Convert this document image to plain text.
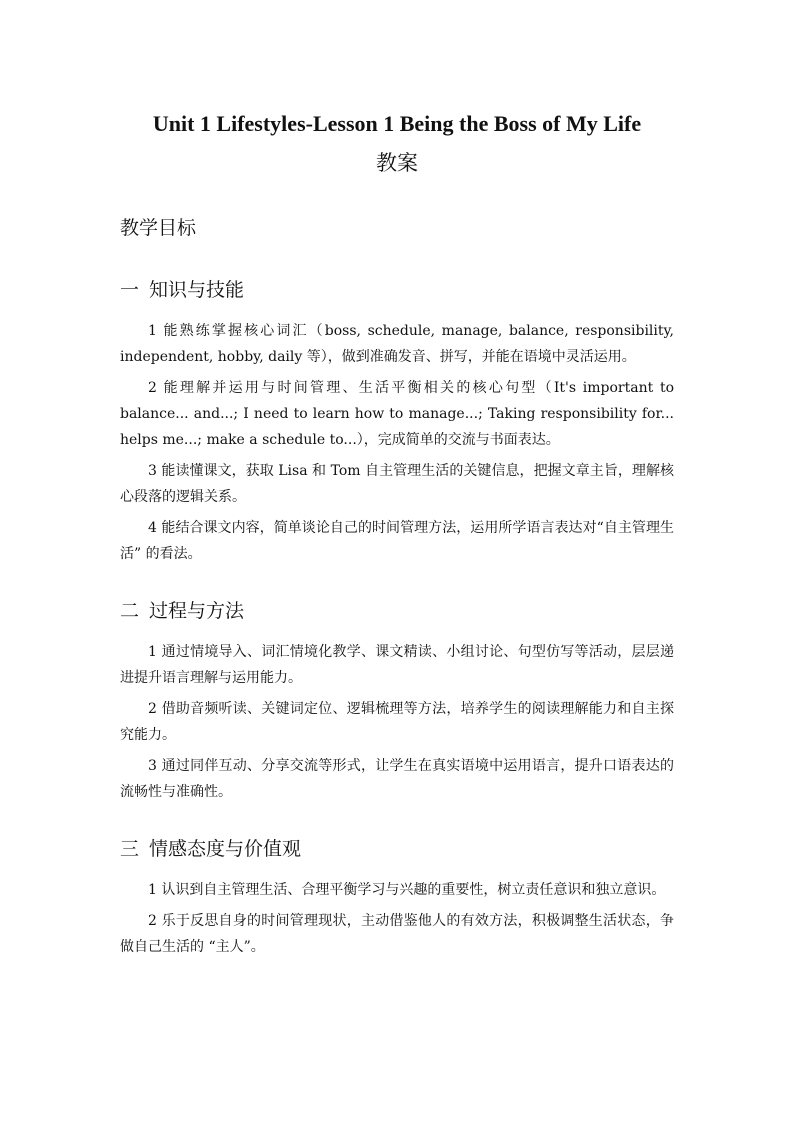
Unit 1 Lifestyles-Lesson 1 Being the Boss of My Life
教案
教学目标
一 知识与技能

1 能熟练掌握核心词汇（boss, schedule, manage, balance, responsibility, independent, hobby, daily 等），做到准确发音、拼写，并能在语境中灵活运用。

2 能理解并运用与时间管理、生活平衡相关的核心句型（It's important to balance... and...; I need to learn how to manage...; Taking responsibility for... helps me...; make a schedule to...），完成简单的交流与书面表达。

3 能读懂课文，获取 Lisa 和 Tom 自主管理生活的关键信息，把握文章主旨，理解核心段落的逻辑关系。

4 能结合课文内容，简单谈论自己的时间管理方法，运用所学语言表达对“自主管理生活” 的看法。

二 过程与方法

1 通过情境导入、词汇情境化教学、课文精读、小组讨论、句型仿写等活动，层层递进提升语言理解与运用能力。

2 借助音频听读、关键词定位、逻辑梳理等方法，培养学生的阅读理解能力和自主探究能力。

3 通过同伴互动、分享交流等形式，让学生在真实语境中运用语言，提升口语表达的流畅性与准确性。

三 情感态度与价值观

1 认识到自主管理生活、合理平衡学习与兴趣的重要性，树立责任意识和独立意识。

2 乐于反思自身的时间管理现状，主动借鉴他人的有效方法，积极调整生活状态，争做自己生活的 “主人”。
